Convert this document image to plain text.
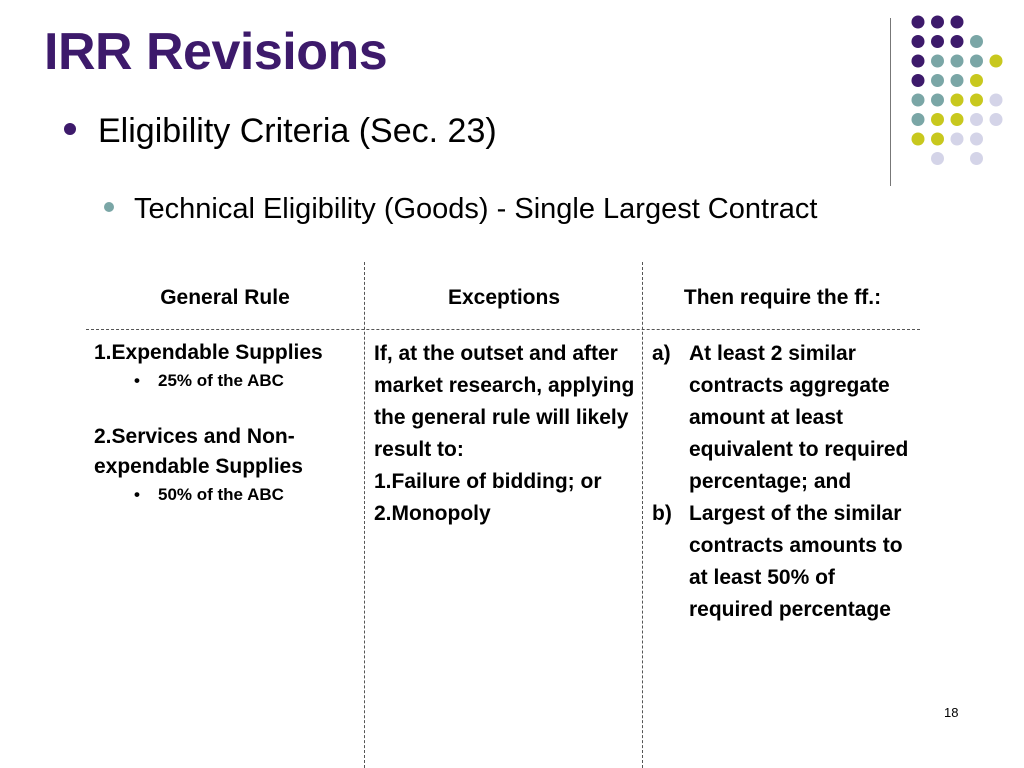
IRR Revisions
Eligibility Criteria (Sec. 23)
Technical Eligibility (Goods) - Single Largest Contract
General Rule	Exceptions	Then require the ff.:
1.Expendable Supplies
• 25% of the ABC
2.Services and Non-expendable Supplies
• 50% of the ABC
If, at the outset and after market research, applying the general rule will likely result to:
1.Failure of bidding; or
2.Monopoly
a) At least 2 similar contracts aggregate amount at least equivalent to required percentage; and
b) Largest of the similar contracts amounts to at least 50% of required percentage
18
